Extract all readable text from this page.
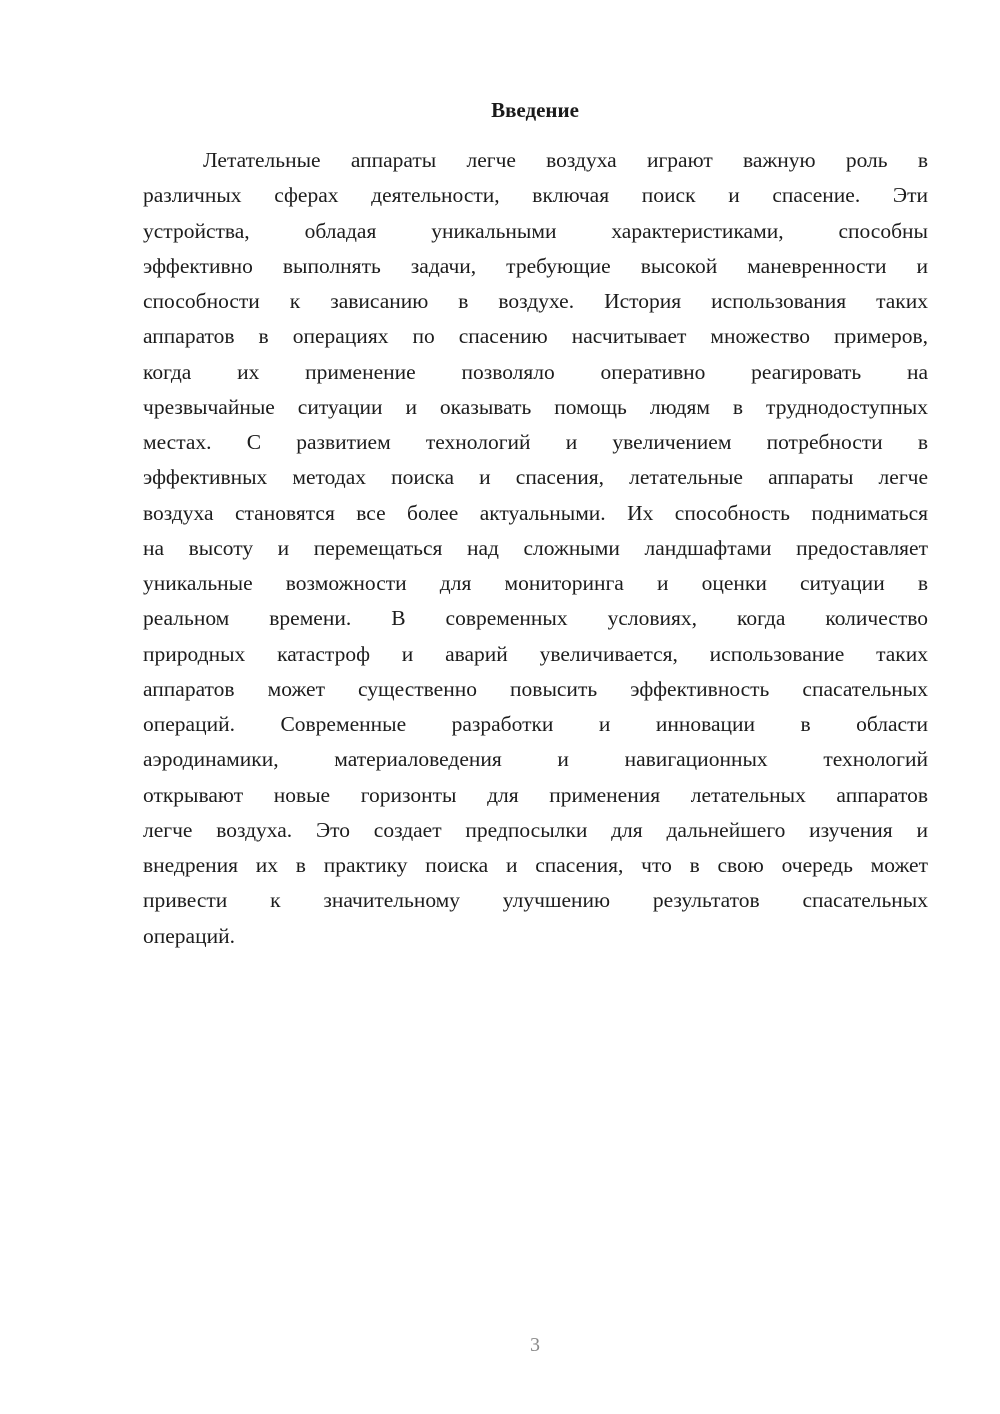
Введение
Летательные аппараты легче воздуха играют важную роль в
различных сферах деятельности, включая поиск и спасение. Эти
устройства, обладая уникальными характеристиками, способны
эффективно выполнять задачи, требующие высокой маневренности и
способности к зависанию в воздухе. История использования таких
аппаратов в операциях по спасению насчитывает множество примеров,
когда их применение позволяло оперативно реагировать на
чрезвычайные ситуации и оказывать помощь людям в труднодоступных
местах. С развитием технологий и увеличением потребности в
эффективных методах поиска и спасения, летательные аппараты легче
воздуха становятся все более актуальными. Их способность подниматься
на высоту и перемещаться над сложными ландшафтами предоставляет
уникальные возможности для мониторинга и оценки ситуации в
реальном времени. В современных условиях, когда количество
природных катастроф и аварий увеличивается, использование таких
аппаратов может существенно повысить эффективность спасательных
операций. Современные разработки и инновации в области
аэродинамики, материаловедения и навигационных технологий
открывают новые горизонты для применения летательных аппаратов
легче воздуха. Это создает предпосылки для дальнейшего изучения и
внедрения их в практику поиска и спасения, что в свою очередь может
привести к значительному улучшению результатов спасательных
операций.
3
